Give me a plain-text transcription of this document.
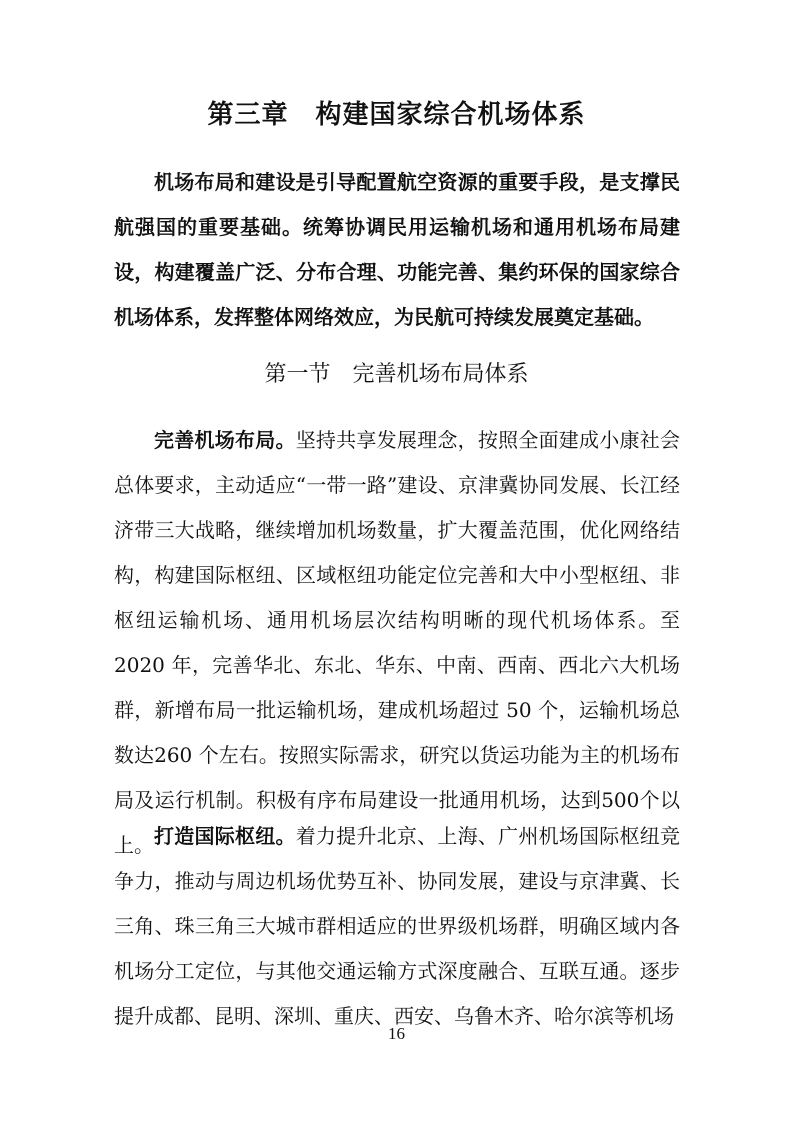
第三章　构建国家综合机场体系

机场布局和建设是引导配置航空资源的重要手段，是支撑民航强国的重要基础。统筹协调民用运输机场和通用机场布局建设，构建覆盖广泛、分布合理、功能完善、集约环保的国家综合机场体系，发挥整体网络效应，为民航可持续发展奠定基础。

第一节　完善机场布局体系

完善机场布局。坚持共享发展理念，按照全面建成小康社会总体要求，主动适应“一带一路”建设、京津冀协同发展、长江经济带三大战略，继续增加机场数量，扩大覆盖范围，优化网络结构，构建国际枢纽、区域枢纽功能定位完善和大中小型枢纽、非枢纽运输机场、通用机场层次结构明晰的现代机场体系。至2020 年，完善华北、东北、华东、中南、西南、西北六大机场群，新增布局一批运输机场，建成机场超过 50 个，运输机场总数达260 个左右。按照实际需求，研究以货运功能为主的机场布局及运行机制。积极有序布局建设一批通用机场，达到500个以上。 打造国际枢纽。着力提升北京、上海、广州机场国际枢纽竞争力，推动与周边机场优势互补、协同发展，建设与京津冀、长三角、珠三角三大城市群相适应的世界级机场群，明确区域内各机场分工定位，与其他交通运输方式深度融合、互联互通。逐步提升成都、昆明、深圳、重庆、西安、乌鲁木齐、哈尔滨等机场

16
